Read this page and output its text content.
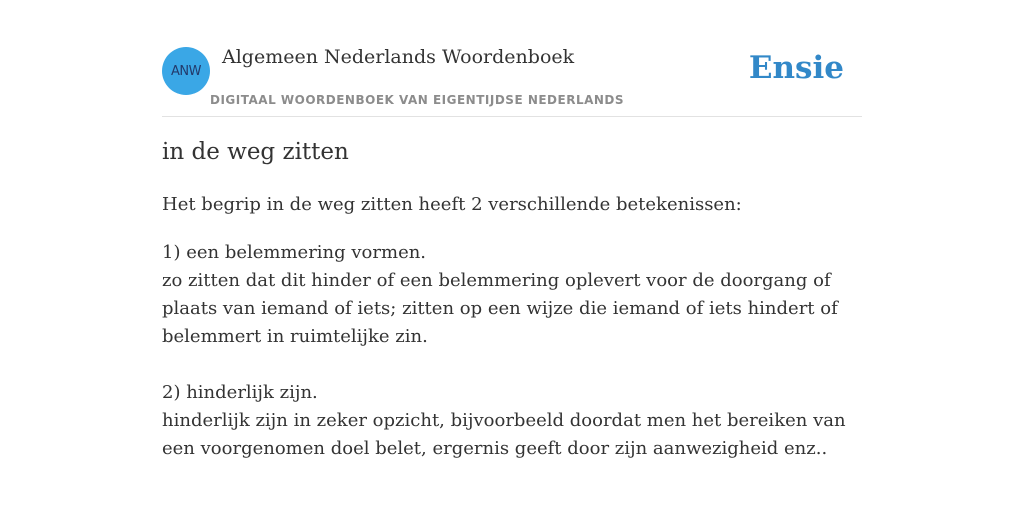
ANW
Algemeen Nederlands Woordenboek
DIGITAAL WOORDENBOEK VAN EIGENTIJDSE NEDERLANDS
Ensie
in de weg zitten
Het begrip in de weg zitten heeft 2 verschillende betekenissen:
1) een belemmering vormen.
zo zitten dat dit hinder of een belemmering oplevert voor de doorgang of plaats van iemand of iets; zitten op een wijze die iemand of iets hindert of belemmert in ruimtelijke zin.
2) hinderlijk zijn.
hinderlijk zijn in zeker opzicht, bijvoorbeeld doordat men het bereiken van een voorgenomen doel belet, ergernis geeft door zijn aanwezigheid enz..
